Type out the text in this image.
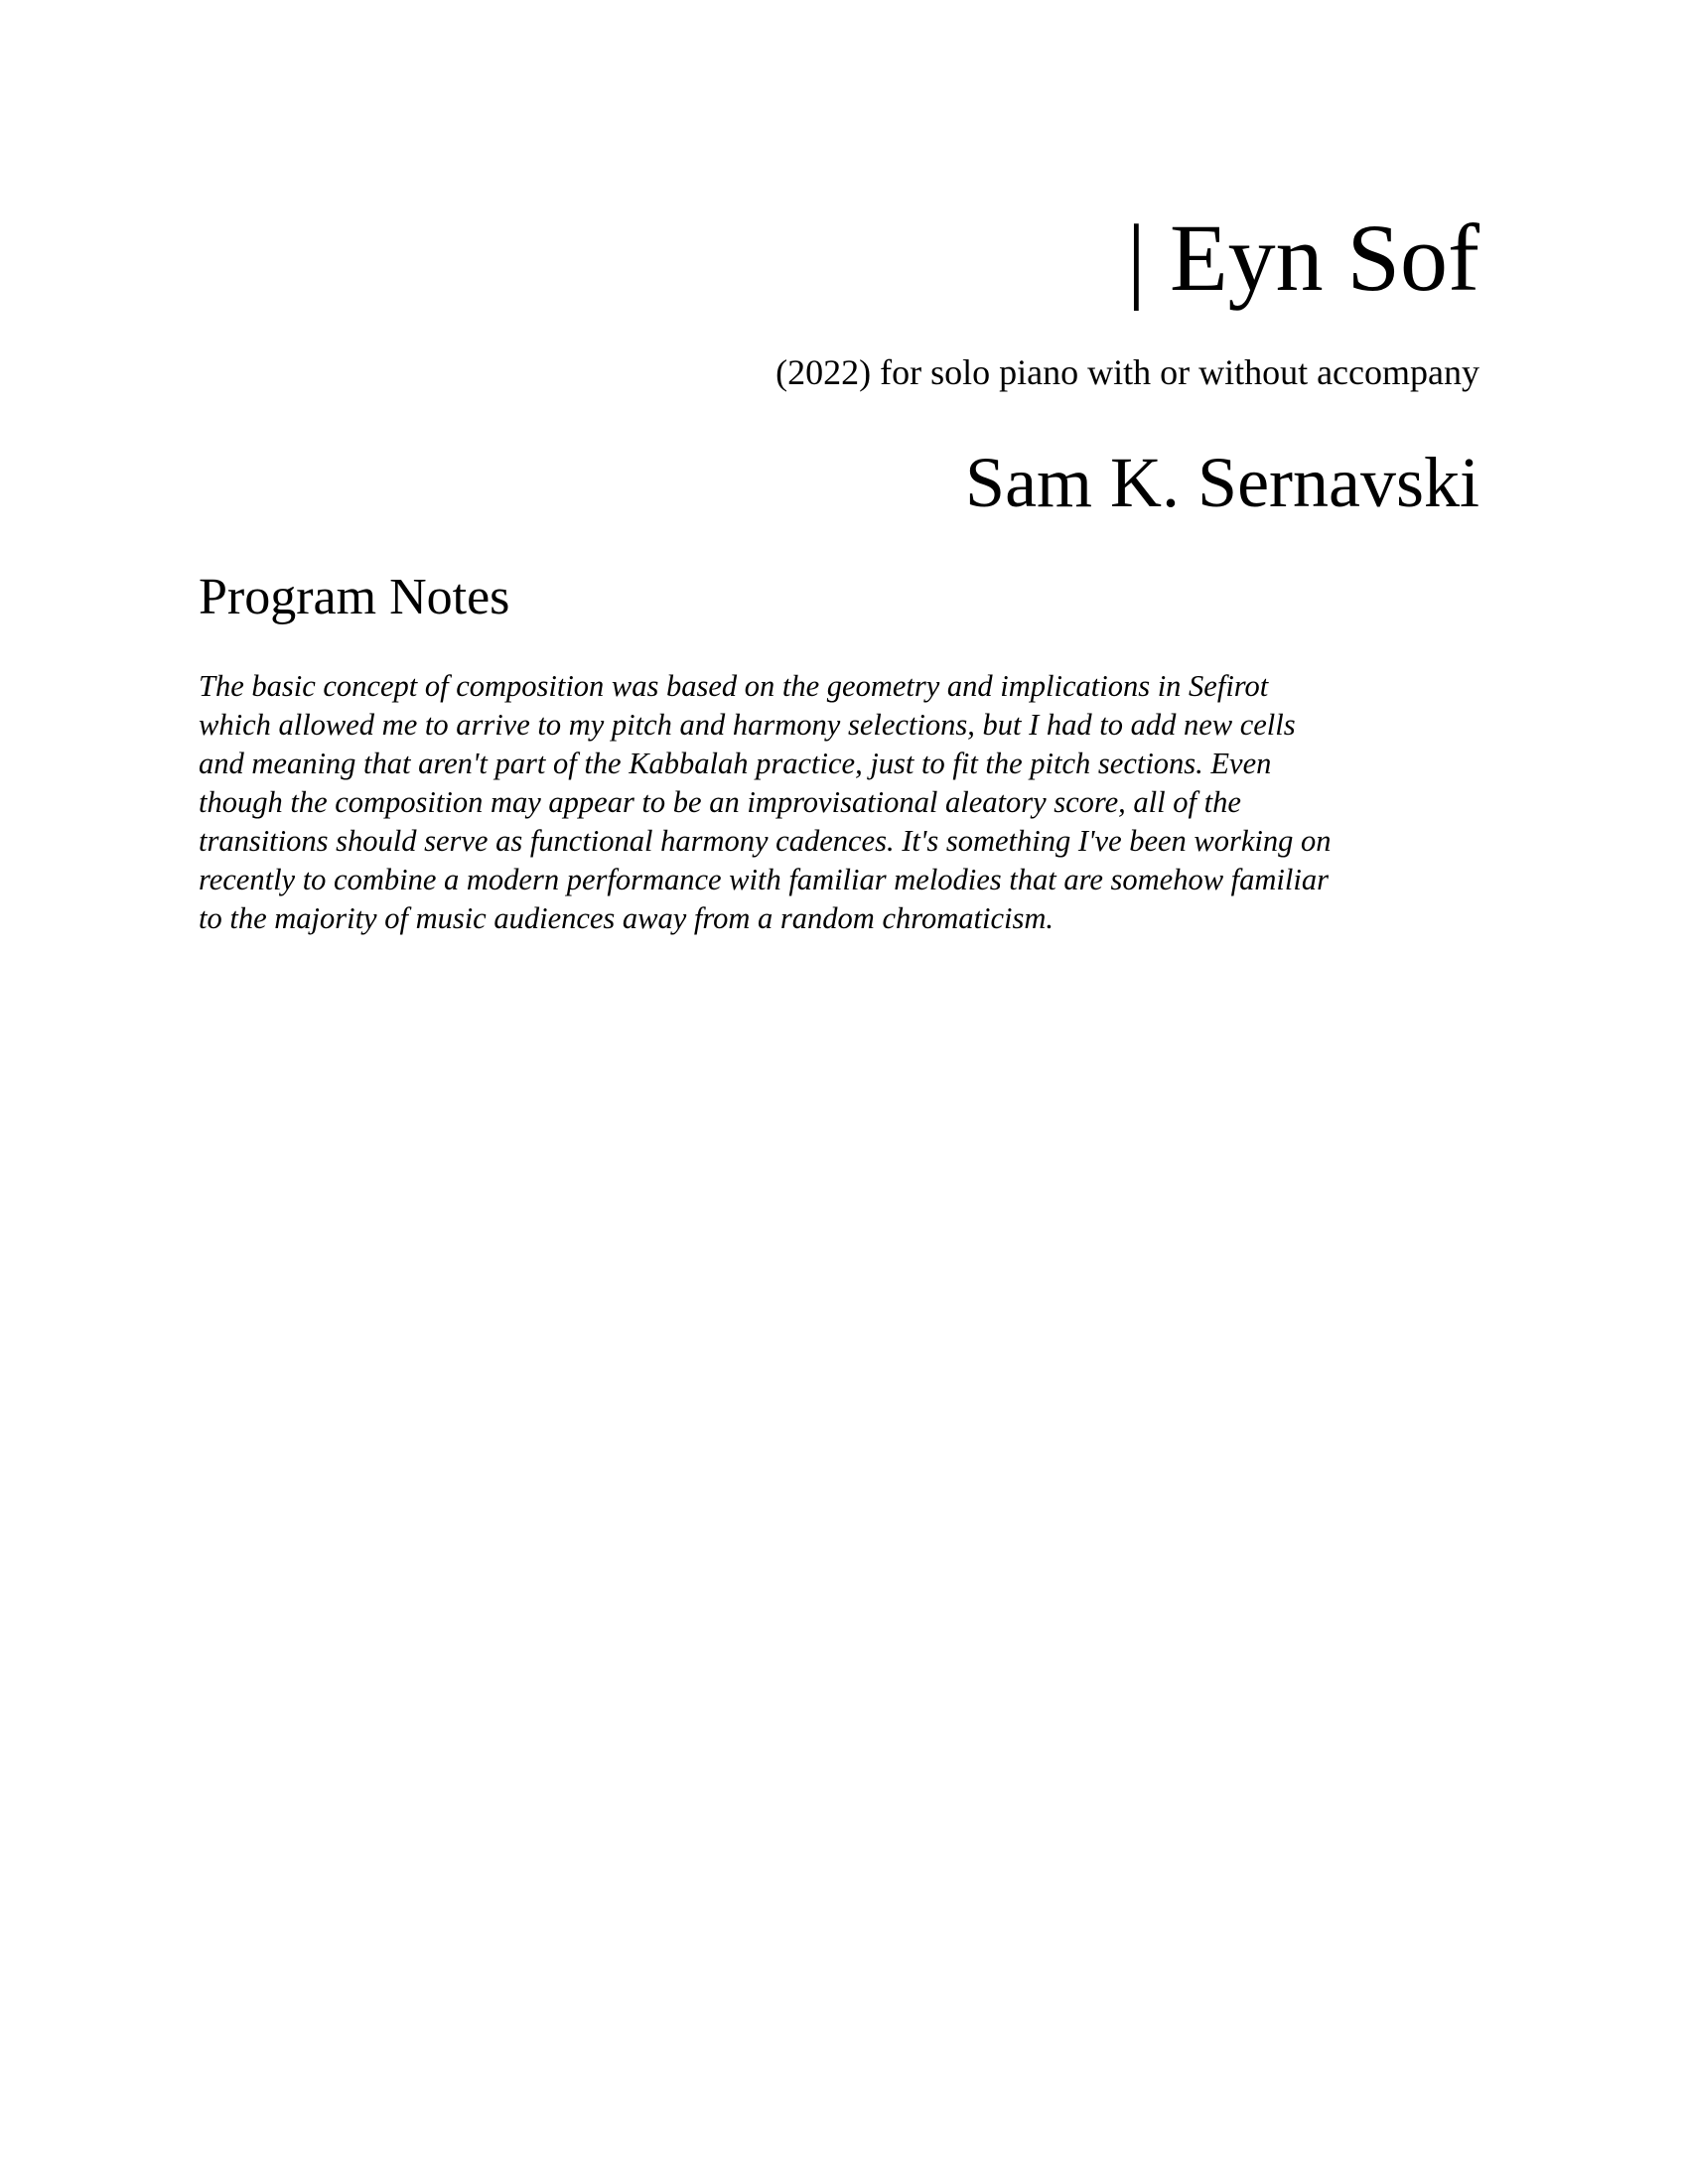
| Eyn Sof
(2022) for solo piano with or without accompany
Sam K. Sernavski
Program Notes
The basic concept of composition was based on the geometry and implications in Sefirot
which allowed me to arrive to my pitch and harmony selections, but I had to add new cells
and meaning that aren't part of the Kabbalah practice, just to fit the pitch sections. Even
though the composition may appear to be an improvisational aleatory score, all of the
transitions should serve as functional harmony cadences. It's something I've been working on
recently to combine a modern performance with familiar melodies that are somehow familiar
to the majority of music audiences away from a random chromaticism.
